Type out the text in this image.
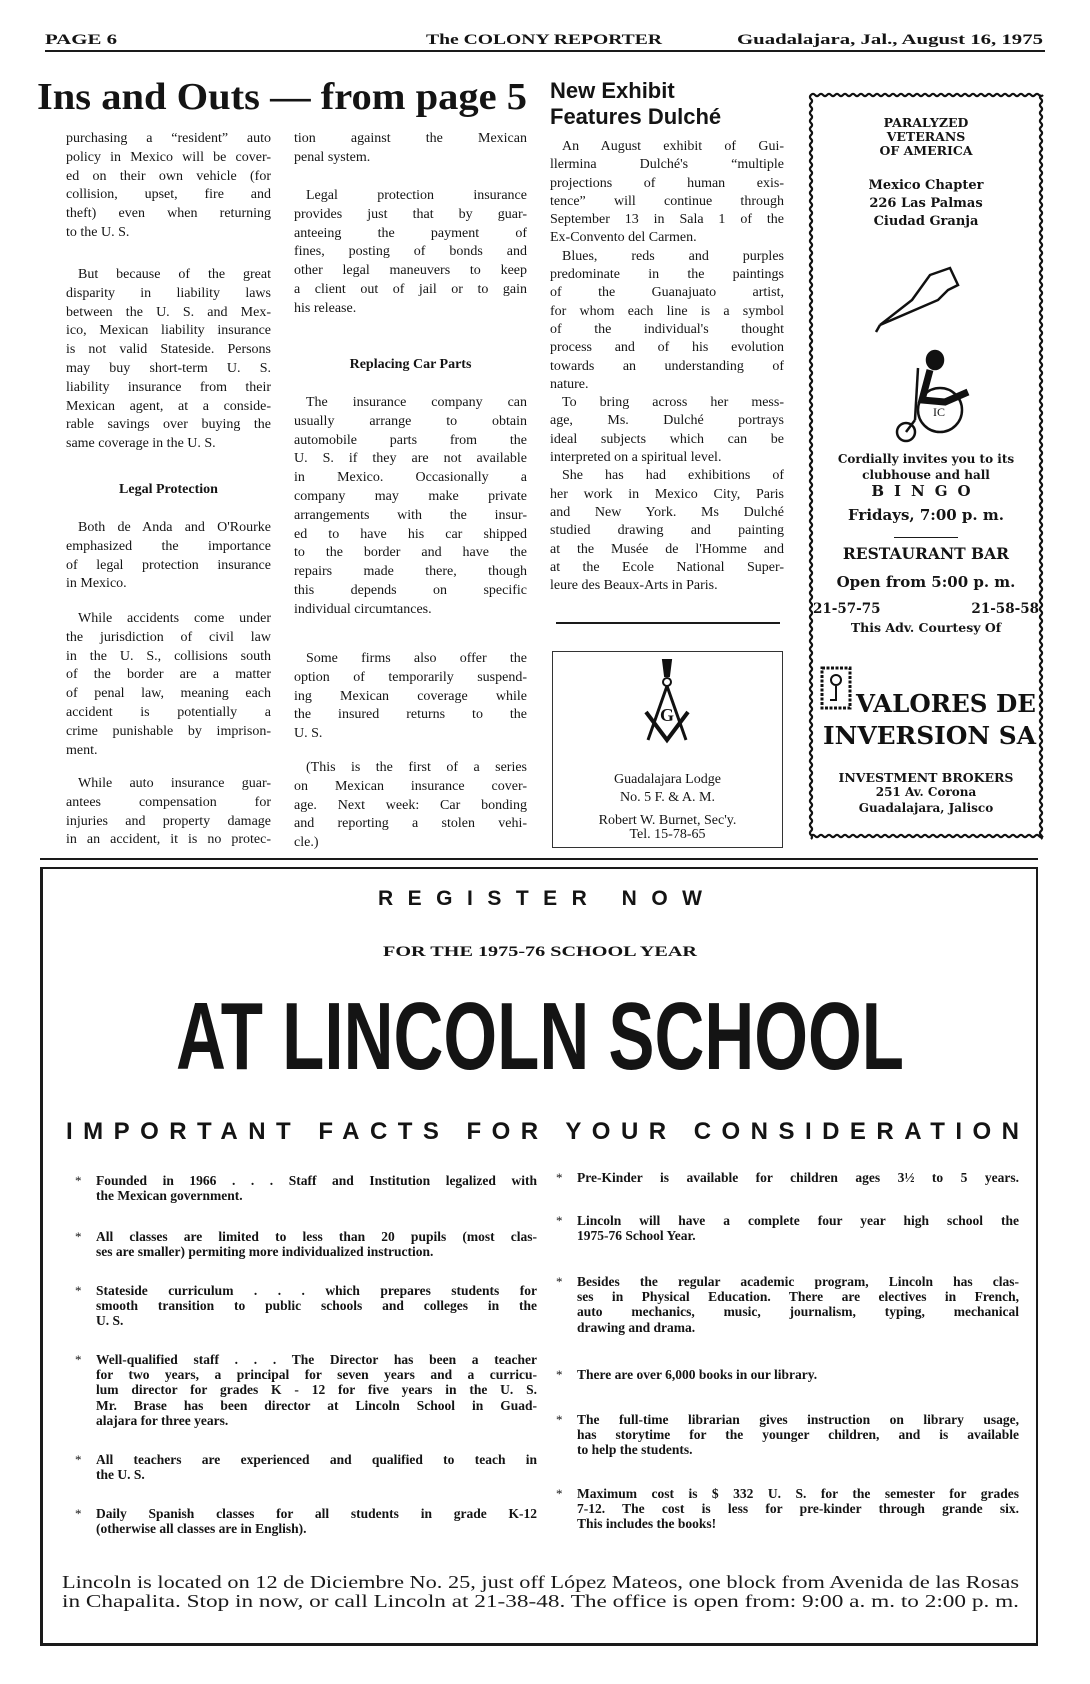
purchasing a “resident” auto
policy in Mexico will be cover-
ed on their own vehicle (for
collision, upset, fire and
theft) even when returning
to the U. S.
But because of the great
disparity in liability laws
between the U. S. and Mex-
ico, Mexican liability insurance
is not valid Stateside. Persons
may buy short-term U. S.
liability insurance from their
Mexican agent, at a conside-
rable savings over buying the
same coverage in the U. S.
Legal Protection
Both de Anda and O'Rourke
emphasized the importance
of legal protection insurance
in Mexico.
While accidents come under
the jurisdiction of civil law
in the U. S., collisions south
of the border are a matter
of penal law, meaning each
accident is potentially a
crime punishable by imprison-
ment.
While auto insurance guar-
antees compensation for
injuries and property damage
in an accident, it is no protec-
tion against the Mexican
penal system.
Legal protection insurance
provides just that by guar-
anteeing the payment of
fines, posting of bonds and
other legal maneuvers to keep
a client out of jail or to gain
his release.
Replacing Car Parts
The insurance company can
usually arrange to obtain
automobile parts from the
U. S. if they are not available
in Mexico. Occasionally a
company may make private
arrangements with the insur-
ed to have his car shipped
to the border and have the
repairs made there, though
this depends on specific
individual circumtances.
Some firms also offer the
option of temporarily suspend-
ing Mexican coverage while
the insured returns to the
U. S.
(This is the first of a series
on Mexican insurance cover-
age. Next week: Car bonding
and reporting a stolen vehi-
cle.)
New Exhibit
Features Dulché
An August exhibit of Gui-
llermina Dulché's “multiple
projections of human exis-
tence” will continue through
September 13 in Sala 1 of the
Ex-Convento del Carmen.
Blues, reds and purples
predominate in the paintings
of the Guanajuato artist,
for whom each line is a symbol
of the individual's thought
process and of his evolution
towards an understanding of
nature.
To bring across her mess-
age, Ms. Dulché portrays
ideal subjects which can be
interpreted on a spiritual level.
She has had exhibitions of
her work in Mexico City, Paris
and New York. Ms Dulché
studied drawing and painting
at the Musée de l'Homme and
at the Ecole National Super-
leure des Beaux-Arts in Paris.
PARALYZED
VETERANS
OF AMERICA
Mexico Chapter
226 Las Palmas
Ciudad Granja
Cordially invites you to its
clubhouse and hall
BINGO
Fridays, 7:00 p. m.
RESTAURANT BAR
Open from 5:00 p. m.
21-57-75	21-58-58
This Adv. Courtesy Of
INVESTMENT BROKERS
251 Av. Corona
Guadalajara, Jalisco
Guadalajara Lodge
No. 5 F. & A. M.
Robert W. Burnet, Sec'y.
Tel. 15-78-65
* Founded in 1966 . . . Staff and Institution legalized with
the Mexican government.
* All classes are limited to less than 20 pupils (most clas-
ses are smaller) permiting more individualized instruction.
* Stateside curriculum . . . which prepares students for
smooth transition to public schools and colleges in the
U. S.
* Well-qualified staff . . . The Director has been a teacher
for two years, a principal for seven years and a curricu-
lum director for grades K - 12 for five years in the U. S.
Mr. Brase has been director at Lincoln School in Guad-
alajara for three years.
* All teachers are experienced and qualified to teach in
the U. S.
* Daily Spanish classes for all students in grade K-12
(otherwise all classes are in English).
* Pre-Kinder is available for children ages 3½ to 5 years.
* Lincoln will have a complete four year high school the
1975-76 School Year.
* Besides the regular academic program, Lincoln has clas-
ses in Physical Education. There are electives in French,
auto mechanics, music, journalism, typing, mechanical
drawing and drama.
* There are over 6,000 books in our library.
* The full-time librarian gives instruction on library usage,
has storytime for the younger children, and is available
to help the students.
* Maximum cost is $ 332 U. S. for the semester for grades
7-12. The cost is less for pre-kinder through grande six.
This includes the books!
PAGE 6	The COLONY REPORTER	Guadalajara, Jal., August 16, 1975
Ins and Outs — from page 5
FOR THE 1975-76 SCHOOL YEAR
REGISTER NOW
AT LINCOLN SCHOOL
IMPORTANT FACTS FOR YOUR CONSIDERATION
Lincoln is located on 12 de Diciembre No. 25, just off López Mateos, one block from Avenida de las Rosas
in Chapalita. Stop in now, or call Lincoln at 21-38-48. The office is open from: 9:00 a. m. to 2:00 p. m.
IC
VALORES DE
INVERSION SA
G
